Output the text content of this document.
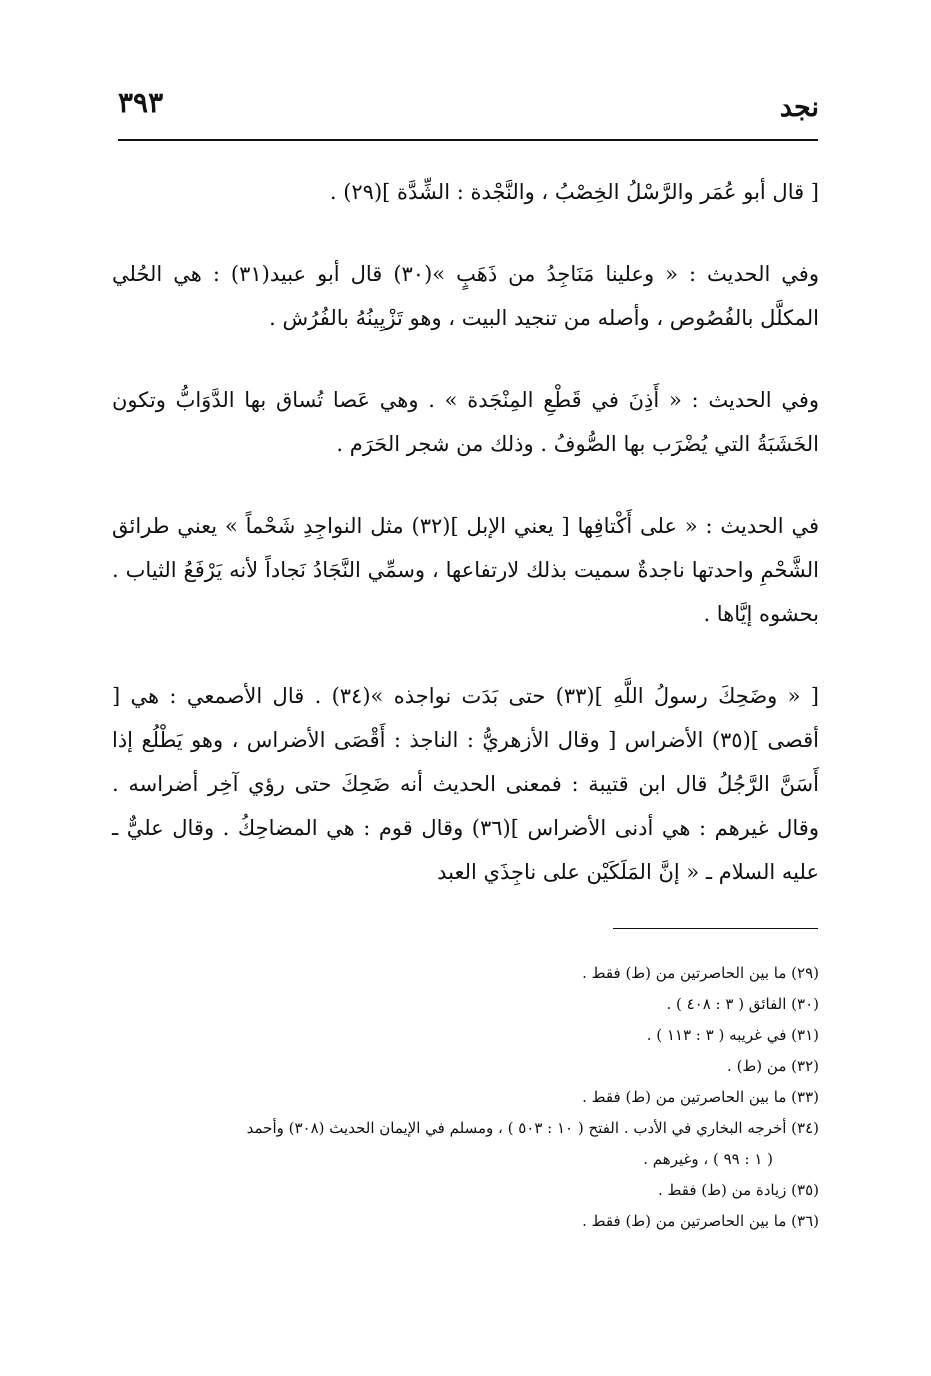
نجد
٣٩٣

[ قال أبو عُمَر والرَّسْلُ الخِصْبُ ، والنَّجْدة : الشِّدَّة ](٢٩) .

وفي الحديث : « وعلينا مَنَاجِدُ من ذَهَبٍ »(٣٠) قال أبو عبيد(٣١) : هي الحُلي المكلَّل بالفُصُوص ، وأصله من تنجيد البيت ، وهو تَزْيِينُهُ بالفُرُش .

وفي الحديث : « أَذِنَ في قَطْعِ المِنْجَدة » . وهي عَصا تُساق بها الدَّوَابُّ وتكون الخَشَبَةُ التي يُضْرَب بها الصُّوفُ . وذلك من شجر الحَرَم .

في الحديث : « على أَكْتافِها [ يعني الإبل ](٣٢) مثل النواجِدِ شَحْماً » يعني طرائق الشَّحْمِ واحدتها ناجدةٌ سميت بذلك لارتفاعها ، وسمِّي النَّجَادُ نَجاداً لأنه يَرْفَعُ الثياب . بحشوه إيَّاها .

[ « وضَحِكَ رسولُ اللَّهِ ](٣٣) حتى بَدَت نواجذه »(٣٤) . قال الأصمعي : هي [ أقصى ](٣٥) الأضراس [ وقال الأزهريُّ : الناجذ : أَقْصَى الأضراس ، وهو يَطْلُع إذا أَسَنَّ الرَّجُلُ قال ابن قتيبة : فمعنى الحديث أنه ضَحِكَ حتى رؤي آخِر أضراسه . وقال غيرهم : هي أدنى الأضراس ](٣٦) وقال قوم : هي المضاحِكُ . وقال عليٌّ ـ عليه السلام ـ « إنَّ المَلَكَيْن على ناجِذَي العبد

(٢٩) ما بين الحاصرتين من (ط) فقط .

(٣٠) الفائق ( ٣ : ٤٠٨ ) .

(٣١) في غريبه ( ٣ : ١١٣ ) .

(٣٢) من (ط) .

(٣٣) ما بين الحاصرتين من (ط) فقط .

(٣٤) أخرجه البخاري في الأدب . الفتح ( ١٠ : ٥٠٣ ) ، ومسلم في الإيمان الحديث (٣٠٨) وأحمد

( ١ : ٩٩ ) ، وغيرهم .

(٣٥) زيادة من (ط) فقط .

(٣٦) ما بين الحاصرتين من (ط) فقط .
